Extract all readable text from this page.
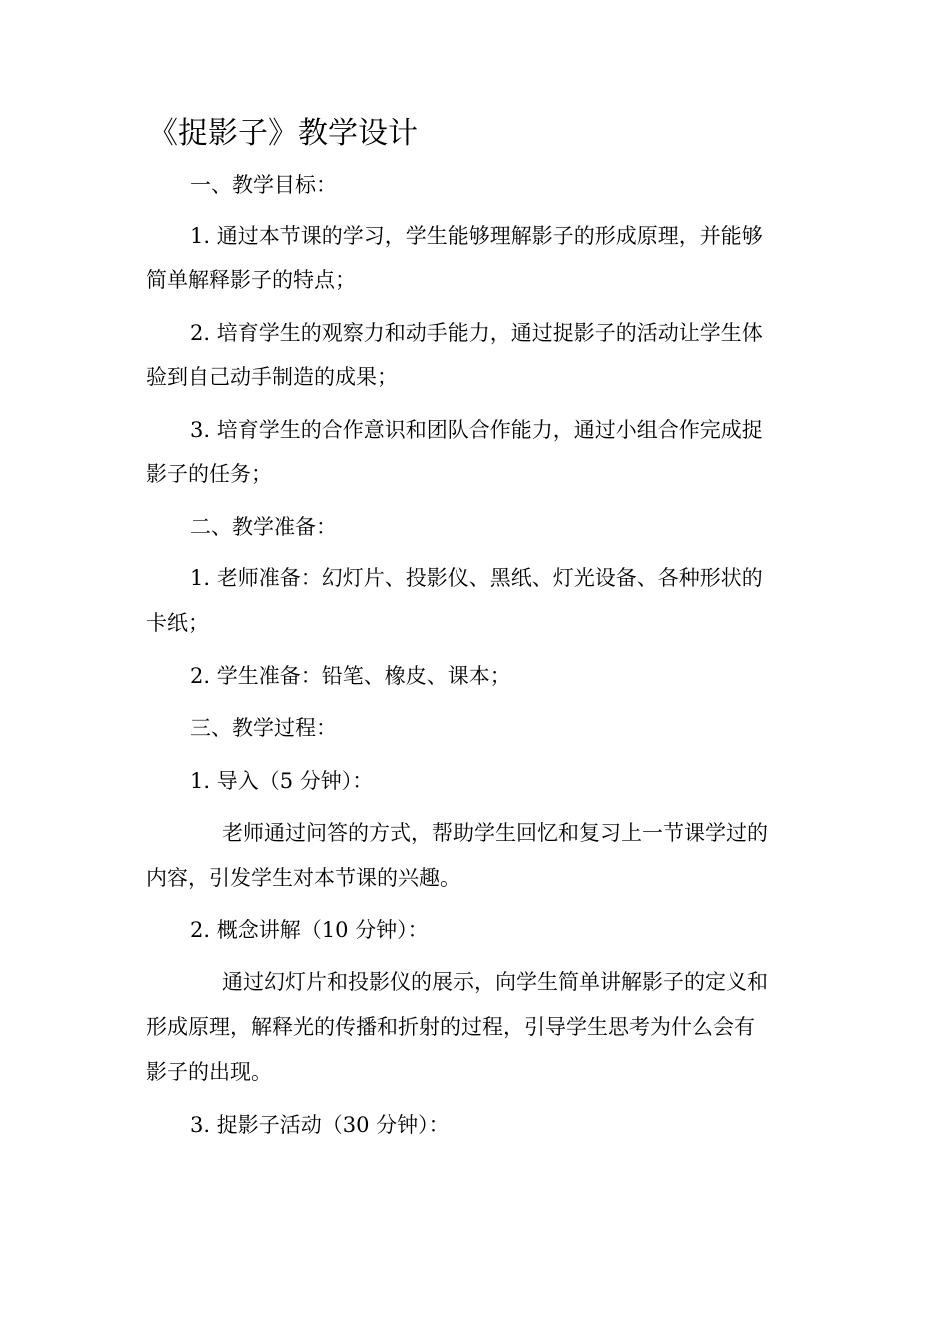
《捉影子》教学设计
一、教学目标：
1. 通过本节课的学习，学生能够理解影子的形成原理，并能够
简单解释影子的特点；
2. 培育学生的观察力和动手能力，通过捉影子的活动让学生体
验到自己动手制造的成果；
3. 培育学生的合作意识和团队合作能力，通过小组合作完成捉
影子的任务；
二、教学准备：
1. 老师准备：幻灯片、投影仪、黑纸、灯光设备、各种形状的
卡纸；
2. 学生准备：铅笔、橡皮、课本；
三、教学过程：
1. 导入（5 分钟）：
老师通过问答的方式，帮助学生回忆和复习上一节课学过的
内容，引发学生对本节课的兴趣。
2. 概念讲解（10 分钟）：
通过幻灯片和投影仪的展示，向学生简单讲解影子的定义和
形成原理，解释光的传播和折射的过程，引导学生思考为什么会有
影子的出现。
3. 捉影子活动（30 分钟）：
